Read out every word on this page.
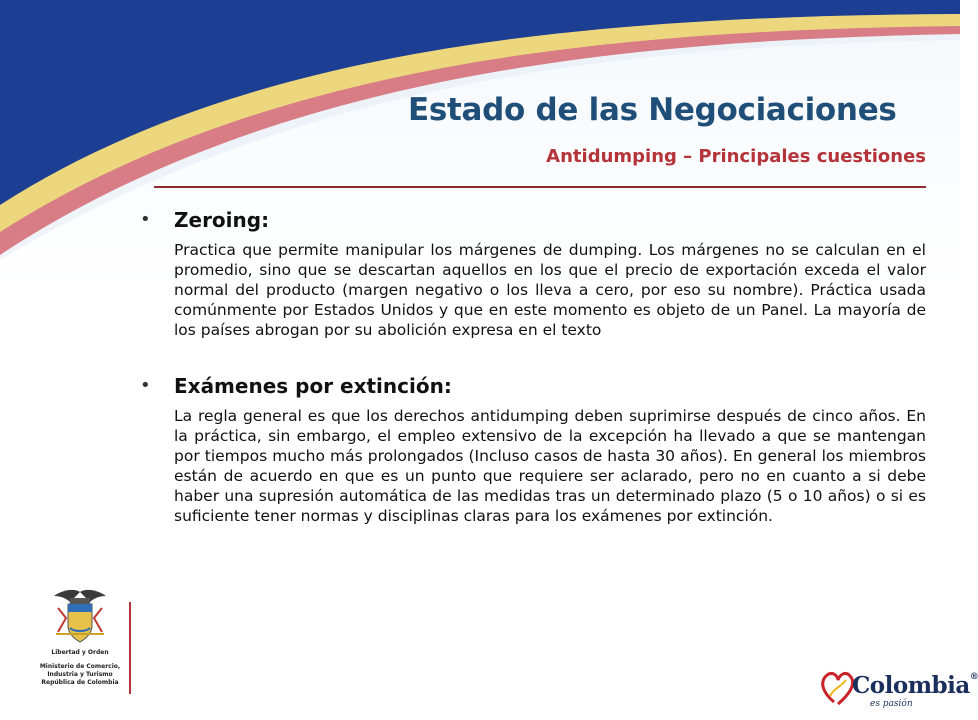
Estado de las Negociaciones
Antidumping – Principales cuestiones
• Zeroing:

Practica que permite manipular los márgenes de dumping. Los márgenes no se calculan en el promedio, sino que se descartan aquellos en los que el precio de exportación exceda el valor normal del producto (margen negativo o los lleva a cero, por eso su nombre). Práctica usada comúnmente por Estados Unidos y que en este momento es objeto de un Panel. La mayoría de los países abrogan por su abolición expresa en el texto

• Exámenes por extinción:

La regla general es que los derechos antidumping deben suprimirse después de cinco años. En la práctica, sin embargo, el empleo extensivo de la excepción ha llevado a que se mantengan por tiempos mucho más prolongados (Incluso casos de hasta 30 años). En general los miembros están de acuerdo en que es un punto que requiere ser aclarado, pero no en cuanto a si debe haber una supresión automática de las medidas tras un determinado plazo (5 o 10 años) o si es suficiente tener normas y disciplinas claras para los exámenes por extinción.

Libertad y Orden
Ministerio de Comercio,
Industria y Turismo
República de Colombia	Colombia®
es pasión
